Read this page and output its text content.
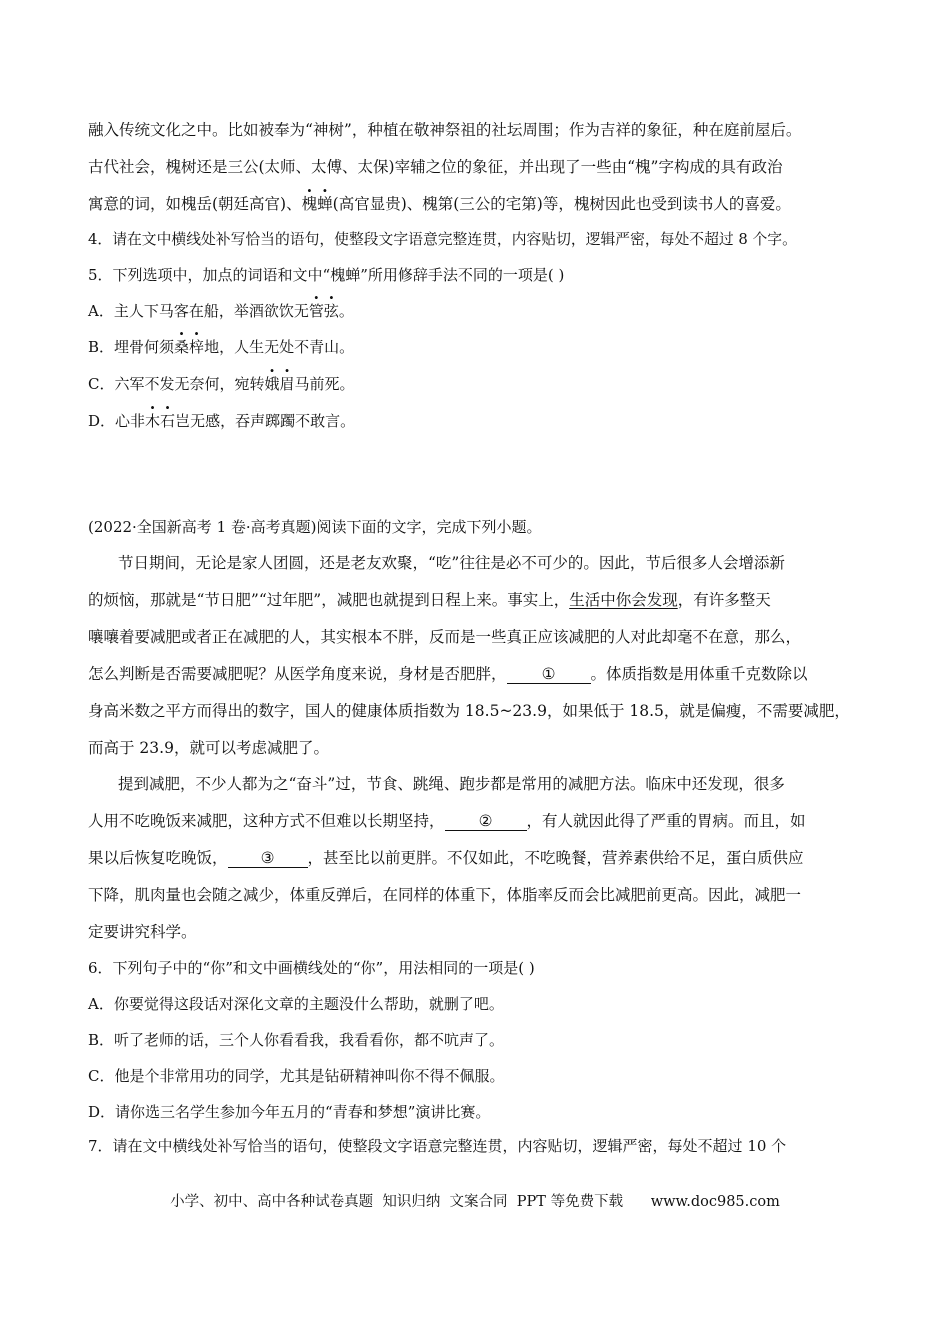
融入传统文化之中。比如被奉为“神树”，种植在敬神祭祖的社坛周围；作为吉祥的象征，种在庭前屋后。
古代社会，槐树还是三公(太师、太傅、太保)宰辅之位的象征，并出现了一些由“槐”字构成的具有政治
寓意的词，如槐岳(朝廷高官)、槐蝉(高官显贵)、槐第(三公的宅第)等，槐树因此也受到读书人的喜爱。
4．请在文中横线处补写恰当的语句，使整段文字语意完整连贯，内容贴切，逻辑严密，每处不超过 8 个字。
5．下列选项中，加点的词语和文中“槐蝉”所用修辞手法不同的一项是( )
A．主人下马客在船，举酒欲饮无管弦。
B．埋骨何须桑梓地，人生无处不青山。
C．六军不发无奈何，宛转娥眉马前死。
D．心非木石岂无感，吞声踯躅不敢言。
(2022·全国新高考 1 卷·高考真题)阅读下面的文字，完成下列小题。
节日期间，无论是家人团圆，还是老友欢聚，“吃”往往是必不可少的。因此，节后很多人会增添新
的烦恼，那就是“节日肥”“过年肥”，减肥也就提到日程上来。事实上，生活中你会发现，有许多整天
嚷嚷着要减肥或者正在减肥的人，其实根本不胖，反而是一些真正应该减肥的人对此却毫不在意，那么，
怎么判断是否需要减肥呢？从医学角度来说，身材是否肥胖， ① 。体质指数是用体重千克数除以
身高米数之平方而得出的数字，国人的健康体质指数为 18.5~23.9，如果低于 18.5，就是偏瘦，不需要减肥，
而高于 23.9，就可以考虑减肥了。
提到减肥，不少人都为之“奋斗”过，节食、跳绳、跑步都是常用的减肥方法。临床中还发现，很多
人用不吃晚饭来减肥，这种方式不但难以长期坚持， ② ，有人就因此得了严重的胃病。而且，如
果以后恢复吃晚饭， ③ ，甚至比以前更胖。不仅如此，不吃晚餐，营养素供给不足，蛋白质供应
下降，肌肉量也会随之减少，体重反弹后，在同样的体重下，体脂率反而会比减肥前更高。因此，减肥一
定要讲究科学。
6．下列句子中的“你”和文中画横线处的“你”，用法相同的一项是( )
A．你要觉得这段话对深化文章的主题没什么帮助，就删了吧。
B．听了老师的话，三个人你看看我，我看看你，都不吭声了。
C．他是个非常用功的同学，尤其是钻研精神叫你不得不佩服。
D．请你选三名学生参加今年五月的“青春和梦想”演讲比赛。
7．请在文中横线处补写恰当的语句，使整段文字语意完整连贯，内容贴切，逻辑严密，每处不超过 10 个
小学、初中、高中各种试卷真题  知识归纳  文案合同  PPT 等免费下载      www.doc985.com
